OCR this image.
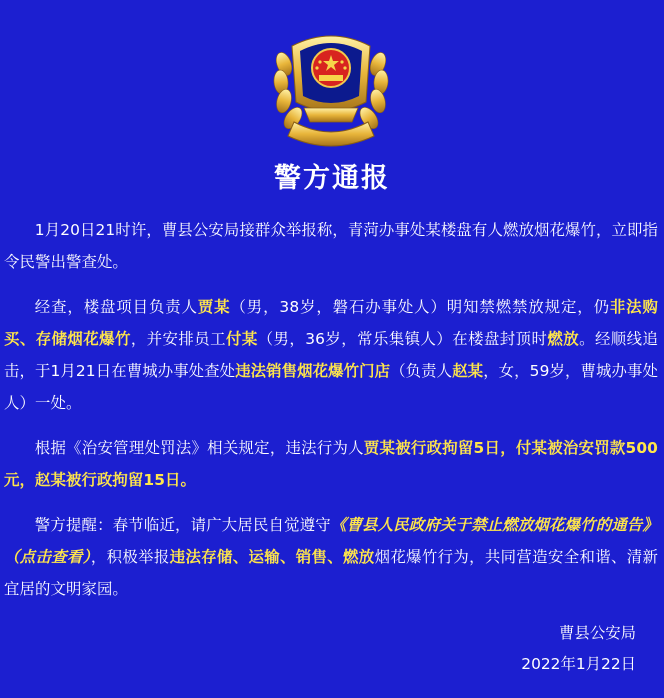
警方通报

1月20日21时许，曹县公安局接群众举报称，青菏办事处某楼盘有人燃放烟花爆竹，立即指令民警出警查处。

经查，楼盘项目负责人贾某（男，38岁，磐石办事处人）明知禁燃禁放规定，仍非法购买、存储烟花爆竹，并安排员工付某（男，36岁，常乐集镇人）在楼盘封顶时燃放。经顺线追击，于1月21日在曹城办事处查处违法销售烟花爆竹门店（负责人赵某，女，59岁，曹城办事处人）一处。

根据《治安管理处罚法》相关规定，违法行为人贾某被行政拘留5日，付某被治安罚款500元，赵某被行政拘留15日。

警方提醒：春节临近，请广大居民自觉遵守《曹县人民政府关于禁止燃放烟花爆竹的通告》（点击查看），积极举报违法存储、运输、销售、燃放烟花爆竹行为，共同营造安全和谐、清新宜居的文明家园。

曹县公安局
2022年1月22日
